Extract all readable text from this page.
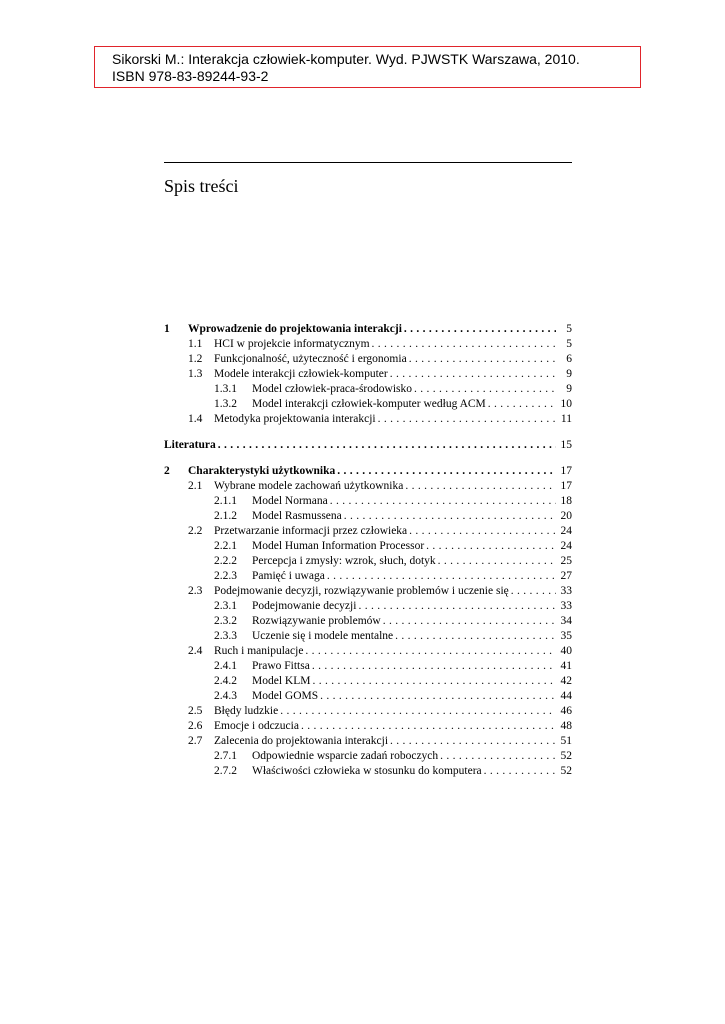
Sikorski M.: Interakcja człowiek-komputer. Wyd. PJWSTK Warszawa, 2010.
ISBN 978-83-89244-93-2
Spis treści
1	Wprowadzenie do projektowania interakcji . . .	5
1.1	HCI w projekcie informatycznym . . .	5
1.2	Funkcjonalność, użyteczność i ergonomia . . .	6
1.3	Modele interakcji człowiek-komputer . . .	9
1.3.1	Model człowiek-praca-środowisko . . .	9
1.3.2	Model interakcji człowiek-komputer według ACM . . .	10
1.4	Metodyka projektowania interakcji . . .	11
Literatura . . .	15
2	Charakterystyki użytkownika . . .	17
2.1	Wybrane modele zachowań użytkownika . . .	17
2.1.1	Model Normana . . .	18
2.1.2	Model Rasmussena . . .	20
2.2	Przetwarzanie informacji przez człowieka . . .	24
2.2.1	Model Human Information Processor . . .	24
2.2.2	Percepcja i zmysły: wzrok, słuch, dotyk . . .	25
2.2.3	Pamięć i uwaga . . .	27
2.3	Podejmowanie decyzji, rozwiązywanie problemów i uczenie się . . .	33
2.3.1	Podejmowanie decyzji . . .	33
2.3.2	Rozwiązywanie problemów . . .	34
2.3.3	Uczenie się i modele mentalne . . .	35
2.4	Ruch i manipulacje . . .	40
2.4.1	Prawo Fittsa . . .	41
2.4.2	Model KLM . . .	42
2.4.3	Model GOMS . . .	44
2.5	Błędy ludzkie . . .	46
2.6	Emocje i odczucia . . .	48
2.7	Zalecenia do projektowania interakcji . . .	51
2.7.1	Odpowiednie wsparcie zadań roboczych . . .	52
2.7.2	Właściwości człowieka w stosunku do komputera . . .	52
